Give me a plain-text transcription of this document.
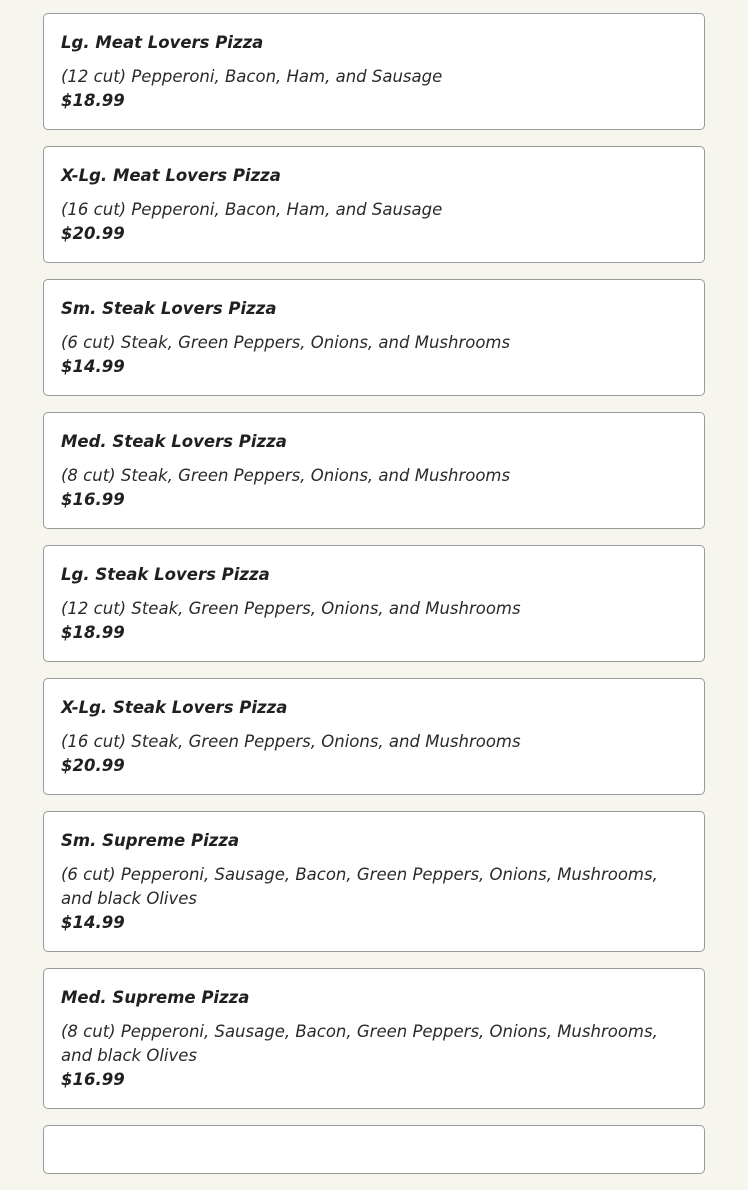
Lg. Meat Lovers Pizza

(12 cut) Pepperoni, Bacon, Ham, and Sausage

$18.99

X-Lg. Meat Lovers Pizza

(16 cut) Pepperoni, Bacon, Ham, and Sausage

$20.99

Sm. Steak Lovers Pizza

(6 cut) Steak, Green Peppers, Onions, and Mushrooms

$14.99

Med. Steak Lovers Pizza

(8 cut) Steak, Green Peppers, Onions, and Mushrooms

$16.99

Lg. Steak Lovers Pizza

(12 cut) Steak, Green Peppers, Onions, and Mushrooms

$18.99

X-Lg. Steak Lovers Pizza

(16 cut) Steak, Green Peppers, Onions, and Mushrooms

$20.99

Sm. Supreme Pizza

(6 cut) Pepperoni, Sausage, Bacon, Green Peppers, Onions, Mushrooms, and black Olives

$14.99

Med. Supreme Pizza

(8 cut) Pepperoni, Sausage, Bacon, Green Peppers, Onions, Mushrooms, and black Olives

$16.99
